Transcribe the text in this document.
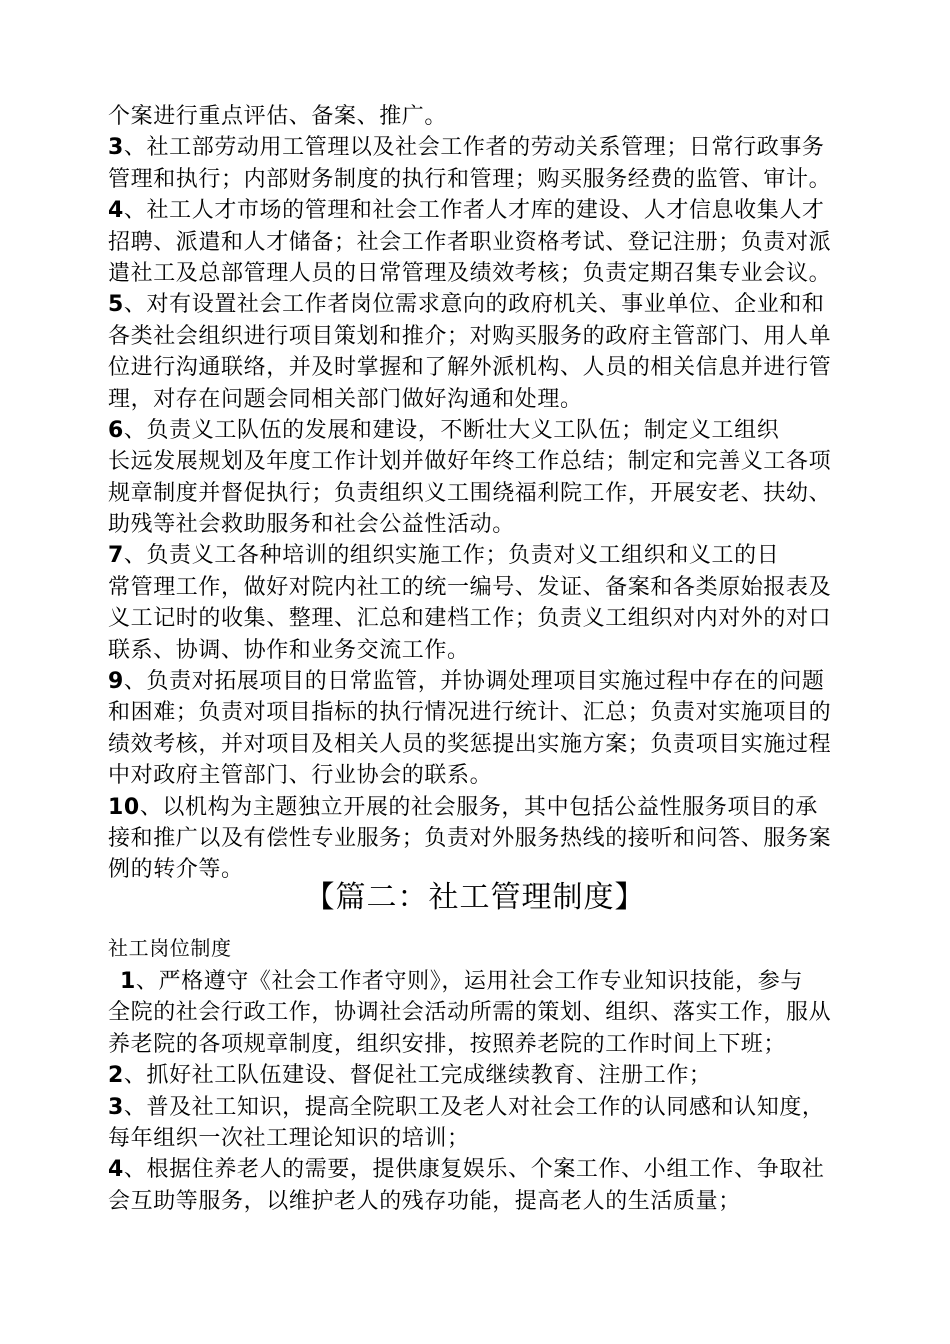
个案进行重点评估、备案、推广。
3、社工部劳动用工管理以及社会工作者的劳动关系管理；日常行政事务
管理和执行；内部财务制度的执行和管理；购买服务经费的监管、审计。
4、社工人才市场的管理和社会工作者人才库的建设、人才信息收集人才
招聘、派遣和人才储备；社会工作者职业资格考试、登记注册；负责对派
遣社工及总部管理人员的日常管理及绩效考核；负责定期召集专业会议。
5、对有设置社会工作者岗位需求意向的政府机关、事业单位、企业和和
各类社会组织进行项目策划和推介；对购买服务的政府主管部门、用人单
位进行沟通联络，并及时掌握和了解外派机构、人员的相关信息并进行管
理，对存在问题会同相关部门做好沟通和处理。
6、负责义工队伍的发展和建设，不断壮大义工队伍；制定义工组织
长远发展规划及年度工作计划并做好年终工作总结；制定和完善义工各项
规章制度并督促执行；负责组织义工围绕福利院工作，开展安老、扶幼、
助残等社会救助服务和社会公益性活动。
7、负责义工各种培训的组织实施工作；负责对义工组织和义工的日
常管理工作，做好对院内社工的统一编号、发证、备案和各类原始报表及
义工记时的收集、整理、汇总和建档工作；负责义工组织对内对外的对口
联系、协调、协作和业务交流工作。
9、负责对拓展项目的日常监管，并协调处理项目实施过程中存在的问题
和困难；负责对项目指标的执行情况进行统计、汇总；负责对实施项目的
绩效考核，并对项目及相关人员的奖惩提出实施方案；负责项目实施过程
中对政府主管部门、行业协会的联系。
10、以机构为主题独立开展的社会服务，其中包括公益性服务项目的承
接和推广以及有偿性专业服务；负责对外服务热线的接听和问答、服务案
例的转介等。
【篇二：社工管理制度】
社工岗位制度
1、严格遵守《社会工作者守则》，运用社会工作专业知识技能，参与
全院的社会行政工作，协调社会活动所需的策划、组织、落实工作，服从
养老院的各项规章制度，组织安排，按照养老院的工作时间上下班；
2、抓好社工队伍建设、督促社工完成继续教育、注册工作；
3、普及社工知识，提高全院职工及老人对社会工作的认同感和认知度，
每年组织一次社工理论知识的培训；
4、根据住养老人的需要，提供康复娱乐、个案工作、小组工作、争取社
会互助等服务，以维护老人的残存功能，提高老人的生活质量；
